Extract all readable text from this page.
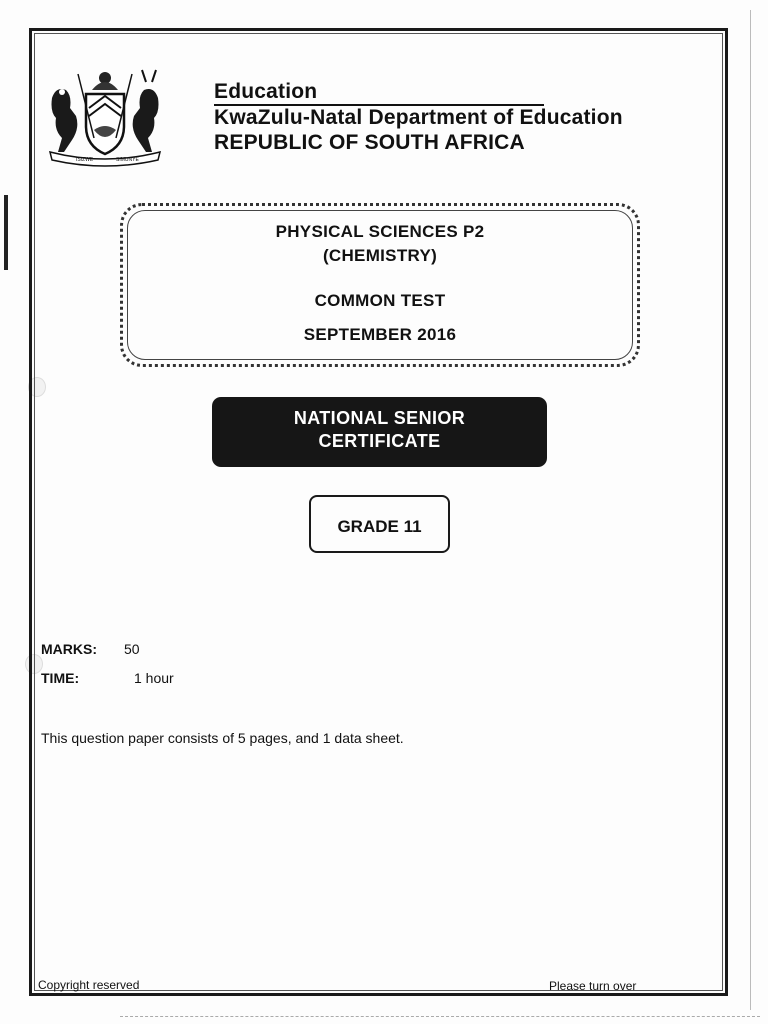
ISIZWE	SIMUNYE
Education
KwaZulu-Natal Department of Education
REPUBLIC OF SOUTH AFRICA
PHYSICAL SCIENCES P2
(CHEMISTRY)
COMMON TEST
SEPTEMBER 2016
NATIONAL SENIOR
CERTIFICATE
GRADE 11
MARKS: 50
TIME:	1 hour
This question paper consists of 5 pages, and 1 data sheet.
Copyright reserved	Please turn over
